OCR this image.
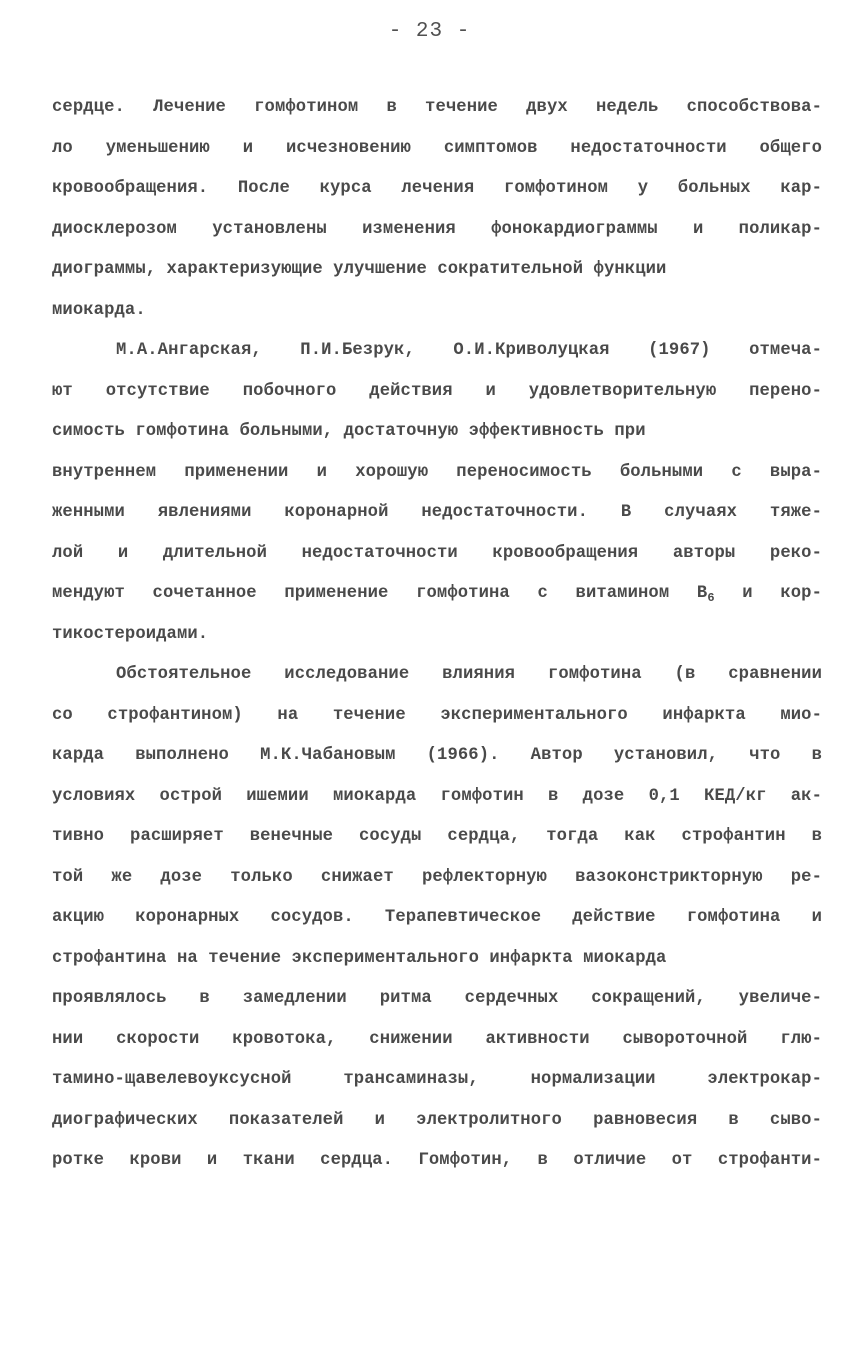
- 23 -
сердце. Лечение гомфотином в течение двух недель способствова-
ло уменьшению и исчезновению симптомов недостаточности общего
кровообращения. После курса лечения гомфотином у больных кар-
диосклерозом установлены изменения фонокардиограммы и поликар-
диограммы, характеризующие улучшение сократительной функции
миокарда.
М.А.Ангарская, П.И.Безрук, О.И.Криволуцкая (1967) отмеча-
ют отсутствие побочного действия и удовлетворительную перено-
симость гомфотина больными, достаточную эффективность при
внутреннем применении и хорошую переносимость больными с выра-
женными явлениями коронарной недостаточности. В случаях тяже-
лой и длительной недостаточности кровообращения авторы реко-
мендуют сочетанное применение гомфотина с витамином $B_6$ и кор-
тикостероидами.
Обстоятельное исследование влияния гомфотина (в сравнении
со строфантином) на течение экспериментального инфаркта мио-
карда выполнено М.К.Чабановым (1966). Автор установил, что в
условиях острой ишемии миокарда гомфотин в дозе 0,1 КЕД/кг ак-
тивно расширяет венечные сосуды сердца, тогда как строфантин в
той же дозе только снижает рефлекторную вазоконстрикторную ре-
акцию коронарных сосудов. Терапевтическое действие гомфотина и
строфантина на течение экспериментального инфаркта миокарда
проявлялось в замедлении ритма сердечных сокращений, увеличе-
нии скорости кровотока, снижении активности сывороточной глю-
тамино-щавелевоуксусной трансаминазы, нормализации электрокар-
диографических показателей и электролитного равновесия в сыво-
ротке крови и ткани сердца. Гомфотин, в отличие от строфанти-
